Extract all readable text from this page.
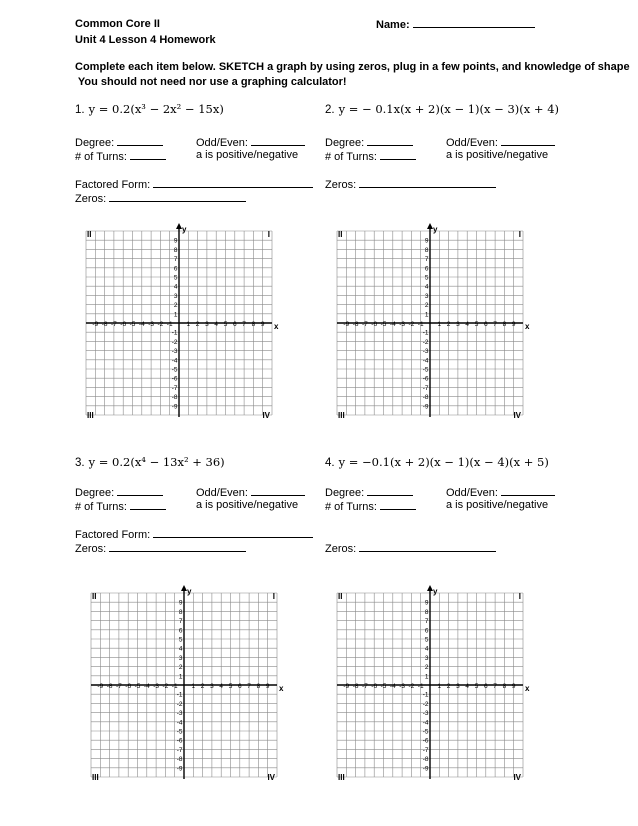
Common Core II
Unit 4 Lesson 4 Homework
Name:
Complete each item below. SKETCH a graph by using zeros, plug in a few points, and knowledge of shape
You should not need nor use a graphing calculator!
1. y = 0.2(x³ − 2x² − 15x)
Degree:
# of Turns:
Odd/Even:
a is positive/negative
Factored Form:
Zeros:
2. y = − 0.1x(x + 2)(x − 1)(x − 3)(x + 4)
Degree:
# of Turns:
Odd/Even:
a is positive/negative
Zeros:
3. y = 0.2(x⁴ − 13x² + 36)
Degree:
# of Turns:
Odd/Even:
a is positive/negative
Factored Form:
Zeros:
4. y = −0.1(x + 2)(x − 1)(x − 4)(x + 5)
Degree:
# of Turns:
Odd/Even:
a is positive/negative
Zeros:
-9 -8 -7 -6 -5 -4 -3 -2 -1 1 2 3 4 5 6 7 8 9
9
8
7
6
5
4
3
2
1
-1
-2
-3
-4
-5
-6
-7
-8
-9
x
y
I
II
III	IV
-9 -8 -7 -6 -5 -4 -3 -2 -1 1 2 3 4 5 6 7 8 9
9
8
7
6
5
4
3
2
1
-1
-2
-3
-4
-5
-6
-7
-8
-9
x
y
I
II
III	IV
-9 -8 -7 -6 -5 -4 -3 -2 -1 1 2 3 4 5 6 7 8 9
9
8
7
6
5
4
3
2
1
-1
-2
-3
-4
-5
-6
-7
-8
-9
x
y
I
II
III	IV
-9 -8 -7 -6 -5 -4 -3 -2 -1 1 2 3 4 5 6 7 8 9
9
8
7
6
5
4
3
2
1
-1
-2
-3
-4
-5
-6
-7
-8
-9
x
y
I
II
III	IV
